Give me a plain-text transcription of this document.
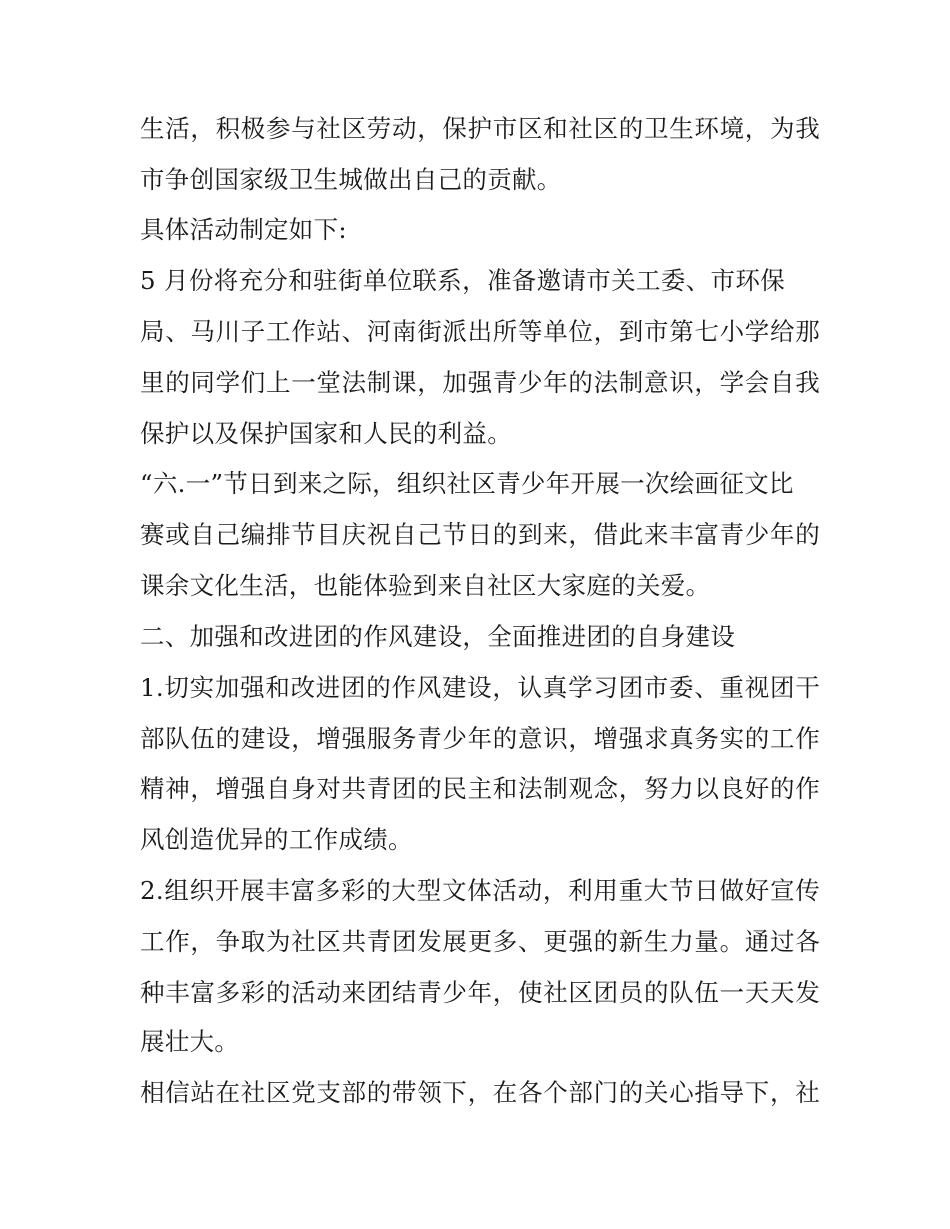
生活，积极参与社区劳动，保护市区和社区的卫生环境，为我
市争创国家级卫生城做出自己的贡献。
具体活动制定如下:
5 月份将充分和驻街单位联系，准备邀请市关工委、市环保
局、马川子工作站、河南街派出所等单位，到市第七小学给那
里的同学们上一堂法制课，加强青少年的法制意识，学会自我
保护以及保护国家和人民的利益。
“六.一”节日到来之际，组织社区青少年开展一次绘画征文比
赛或自己编排节目庆祝自己节日的到来，借此来丰富青少年的
课余文化生活，也能体验到来自社区大家庭的关爱。
二、加强和改进团的作风建设，全面推进团的自身建设
1.切实加强和改进团的作风建设，认真学习团市委、重视团干
部队伍的建设，增强服务青少年的意识，增强求真务实的工作
精神，增强自身对共青团的民主和法制观念，努力以良好的作
风创造优异的工作成绩。
2.组织开展丰富多彩的大型文体活动，利用重大节日做好宣传
工作，争取为社区共青团发展更多、更强的新生力量。通过各
种丰富多彩的活动来团结青少年，使社区团员的队伍一天天发
展壮大。
相信站在社区党支部的带领下，在各个部门的关心指导下，社
